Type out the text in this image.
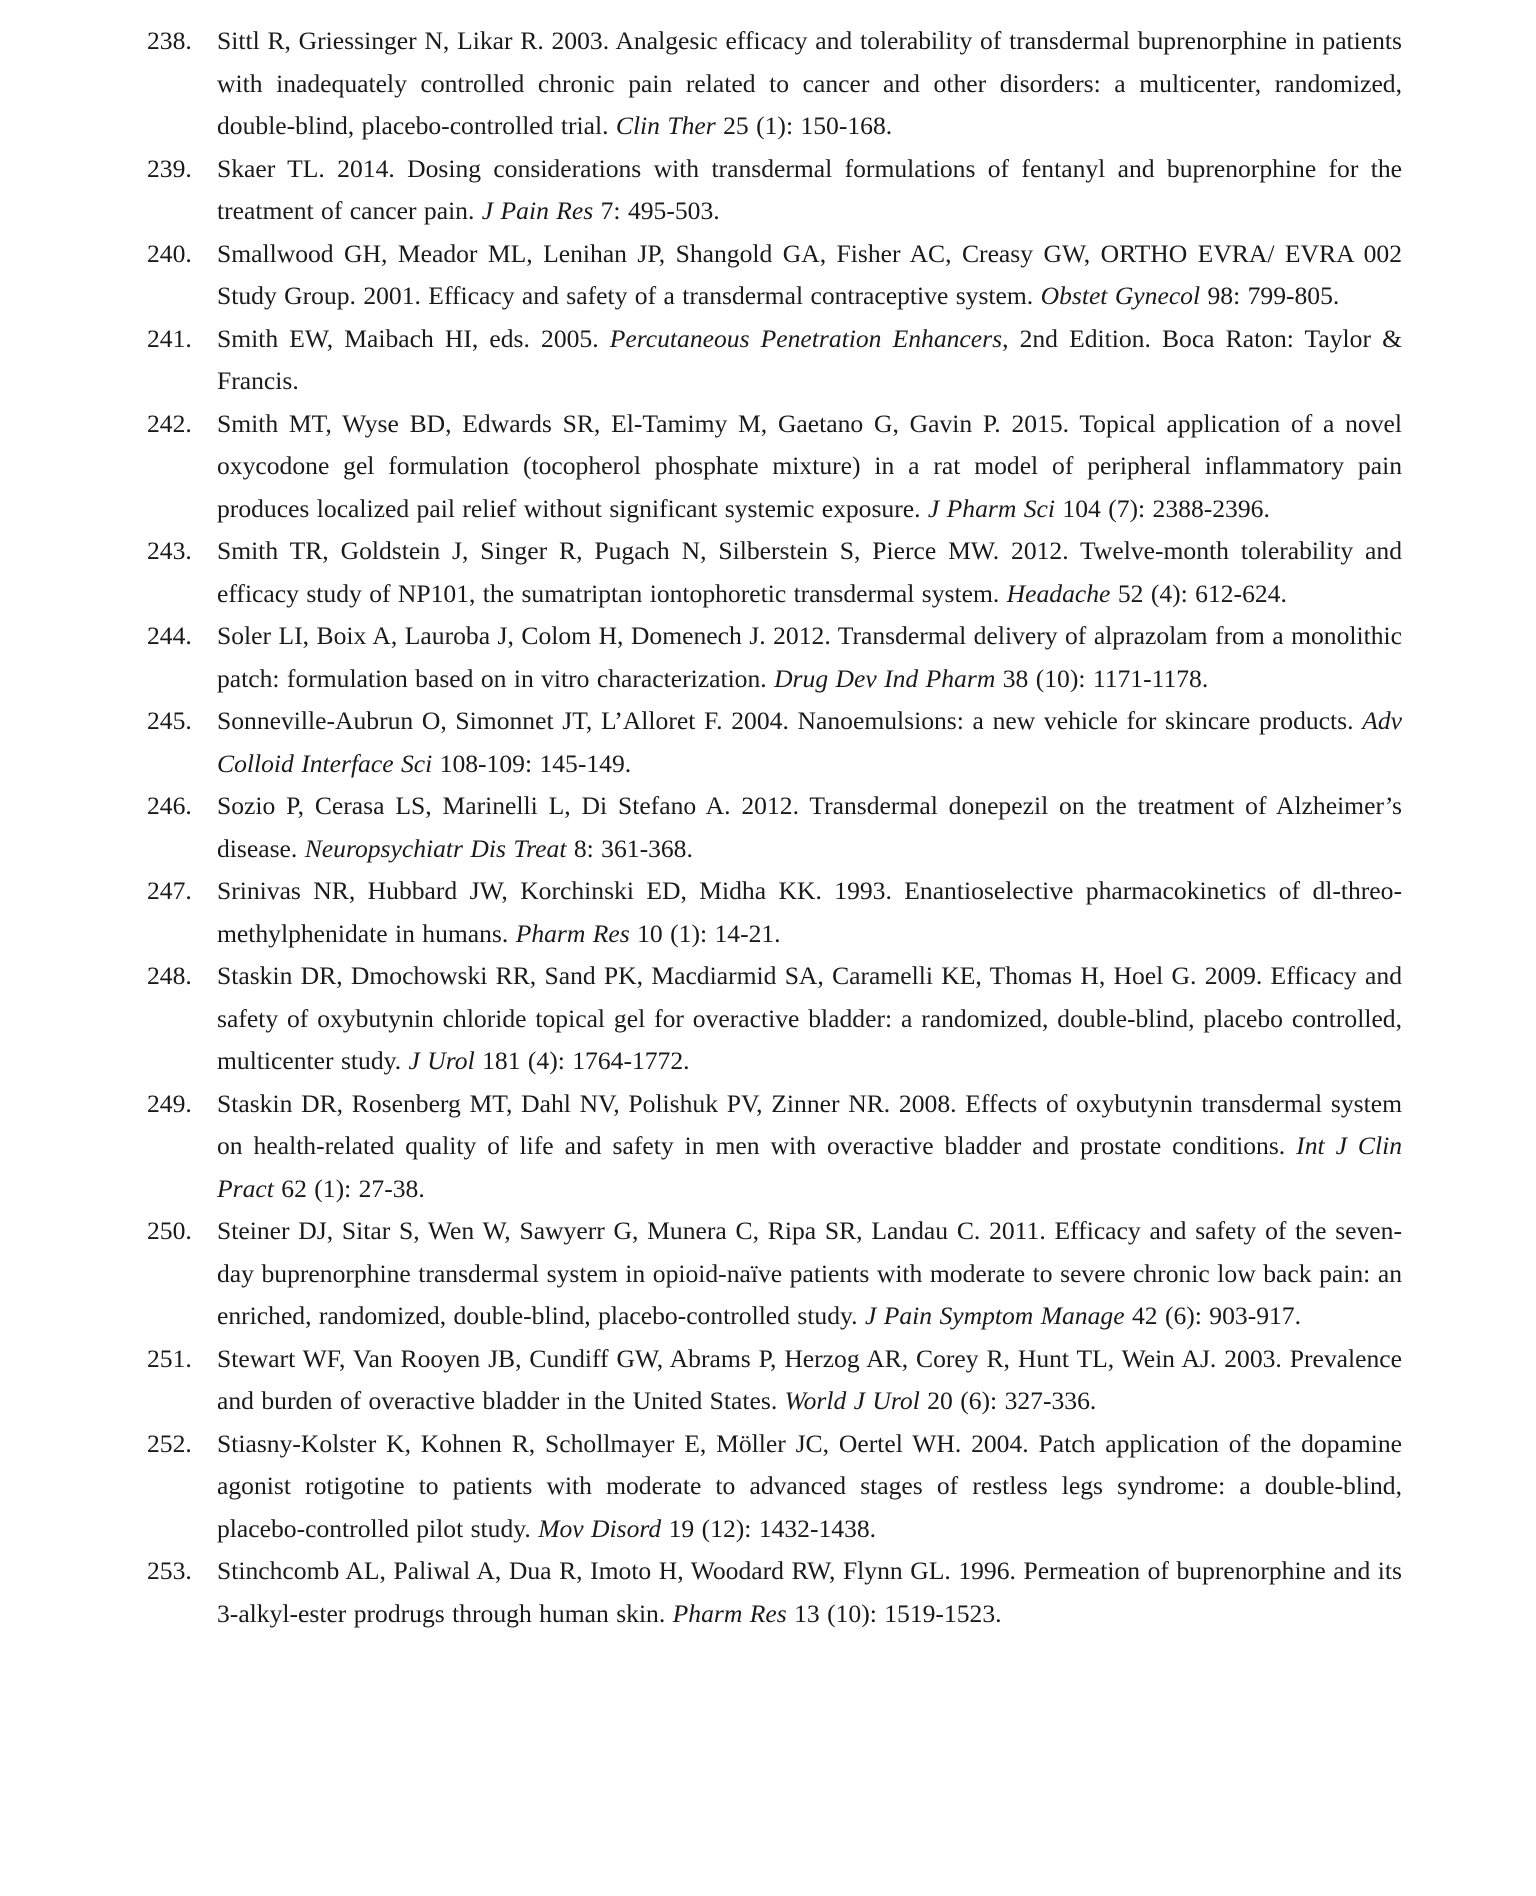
238. Sittl R, Griessinger N, Likar R. 2003. Analgesic efficacy and tolerability of transdermal buprenorphine in patients with inadequately controlled chronic pain related to cancer and other disorders: a multicenter, randomized, double-blind, placebo-controlled trial. Clin Ther 25 (1): 150-168.
239. Skaer TL. 2014. Dosing considerations with transdermal formulations of fentanyl and buprenorphine for the treatment of cancer pain. J Pain Res 7: 495-503.
240. Smallwood GH, Meador ML, Lenihan JP, Shangold GA, Fisher AC, Creasy GW, ORTHO EVRA/ EVRA 002 Study Group. 2001. Efficacy and safety of a transdermal contraceptive system. Obstet Gynecol 98: 799-805.
241. Smith EW, Maibach HI, eds. 2005. Percutaneous Penetration Enhancers, 2nd Edition. Boca Raton: Taylor & Francis.
242. Smith MT, Wyse BD, Edwards SR, El-Tamimy M, Gaetano G, Gavin P. 2015. Topical application of a novel oxycodone gel formulation (tocopherol phosphate mixture) in a rat model of peripheral inflammatory pain produces localized pail relief without significant systemic exposure. J Pharm Sci 104 (7): 2388-2396.
243. Smith TR, Goldstein J, Singer R, Pugach N, Silberstein S, Pierce MW. 2012. Twelve-month tolerability and efficacy study of NP101, the sumatriptan iontophoretic transdermal system. Headache 52 (4): 612-624.
244. Soler LI, Boix A, Lauroba J, Colom H, Domenech J. 2012. Transdermal delivery of alprazolam from a monolithic patch: formulation based on in vitro characterization. Drug Dev Ind Pharm 38 (10): 1171-1178.
245. Sonneville-Aubrun O, Simonnet JT, L’Alloret F. 2004. Nanoemulsions: a new vehicle for skincare products. Adv Colloid Interface Sci 108-109: 145-149.
246. Sozio P, Cerasa LS, Marinelli L, Di Stefano A. 2012. Transdermal donepezil on the treatment of Alzheimer’s disease. Neuropsychiatr Dis Treat 8: 361-368.
247. Srinivas NR, Hubbard JW, Korchinski ED, Midha KK. 1993. Enantioselective pharmacokinetics of dl-threo-methylphenidate in humans. Pharm Res 10 (1): 14-21.
248. Staskin DR, Dmochowski RR, Sand PK, Macdiarmid SA, Caramelli KE, Thomas H, Hoel G. 2009. Efficacy and safety of oxybutynin chloride topical gel for overactive bladder: a randomized, double-blind, placebo controlled, multicenter study. J Urol 181 (4): 1764-1772.
249. Staskin DR, Rosenberg MT, Dahl NV, Polishuk PV, Zinner NR. 2008. Effects of oxybutynin transdermal system on health-related quality of life and safety in men with overactive bladder and prostate conditions. Int J Clin Pract 62 (1): 27-38.
250. Steiner DJ, Sitar S, Wen W, Sawyerr G, Munera C, Ripa SR, Landau C. 2011. Efficacy and safety of the seven-day buprenorphine transdermal system in opioid-naïve patients with moderate to severe chronic low back pain: an enriched, randomized, double-blind, placebo-controlled study. J Pain Symptom Manage 42 (6): 903-917.
251. Stewart WF, Van Rooyen JB, Cundiff GW, Abrams P, Herzog AR, Corey R, Hunt TL, Wein AJ. 2003. Prevalence and burden of overactive bladder in the United States. World J Urol 20 (6): 327-336.
252. Stiasny-Kolster K, Kohnen R, Schollmayer E, Möller JC, Oertel WH. 2004. Patch application of the dopamine agonist rotigotine to patients with moderate to advanced stages of restless legs syndrome: a double-blind, placebo-controlled pilot study. Mov Disord 19 (12): 1432-1438.
253. Stinchcomb AL, Paliwal A, Dua R, Imoto H, Woodard RW, Flynn GL. 1996. Permeation of buprenorphine and its 3-alkyl-ester prodrugs through human skin. Pharm Res 13 (10): 1519-1523.
